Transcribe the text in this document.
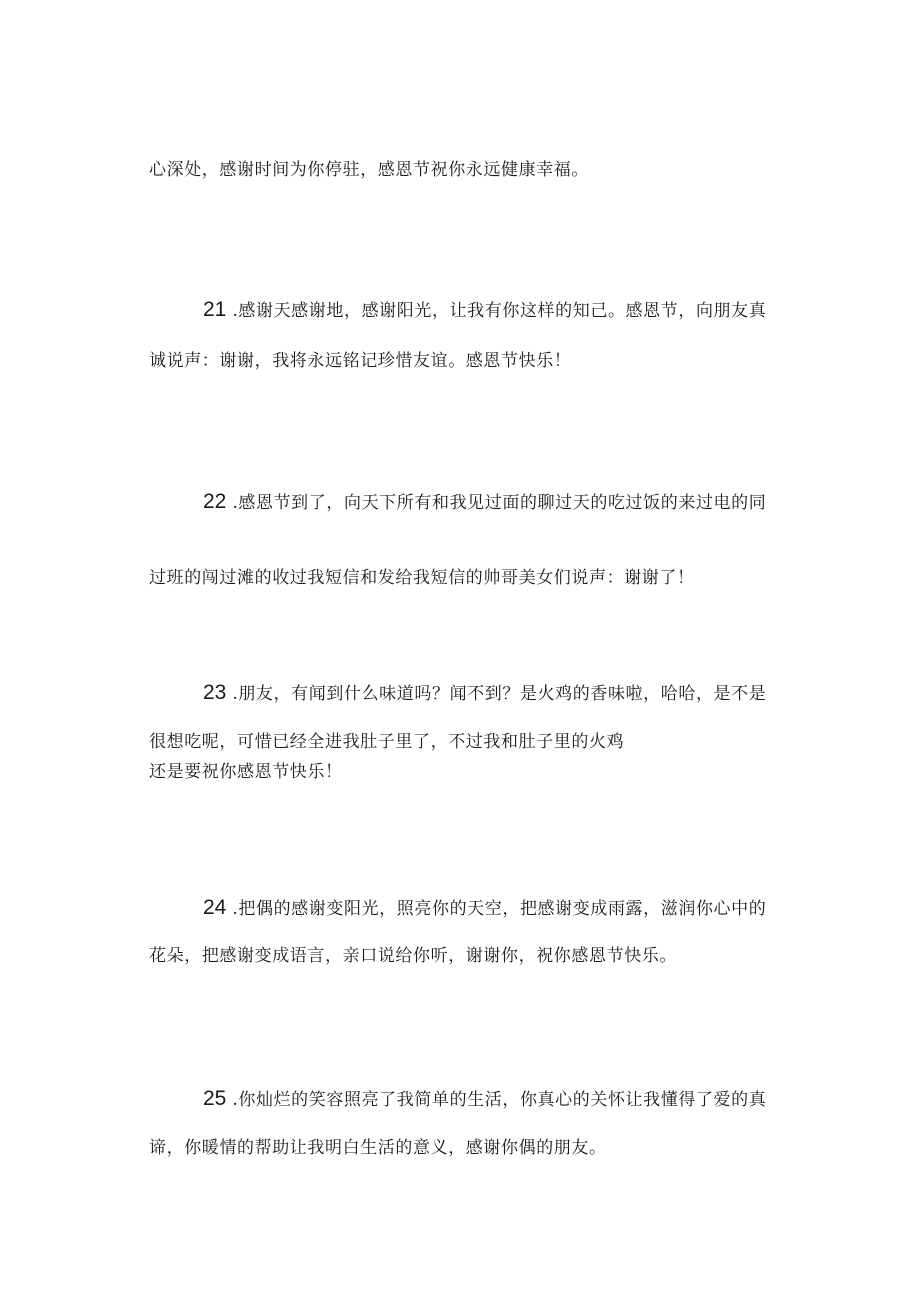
心深处，感谢时间为你停驻，感恩节祝你永远健康幸福。
21 .感谢天感谢地，感谢阳光，让我有你这样的知己。感恩节，向朋友真
诚说声：谢谢，我将永远铭记珍惜友谊。感恩节快乐！
22 .感恩节到了，向天下所有和我见过面的聊过天的吃过饭的来过电的同
过班的闯过滩的收过我短信和发给我短信的帅哥美女们说声：谢谢了！
23 .朋友，有闻到什么味道吗？闻不到？是火鸡的香味啦，哈哈，是不是
很想吃呢，可惜已经全进我肚子里了，不过我和肚子里的火鸡
还是要祝你感恩节快乐！
24 .把偶的感谢变阳光，照亮你的天空，把感谢变成雨露，滋润你心中的
花朵，把感谢变成语言，亲口说给你听，谢谢你，祝你感恩节快乐。
25 .你灿烂的笑容照亮了我简单的生活，你真心的关怀让我懂得了爱的真
谛，你暖情的帮助让我明白生活的意义，感谢你偶的朋友。
